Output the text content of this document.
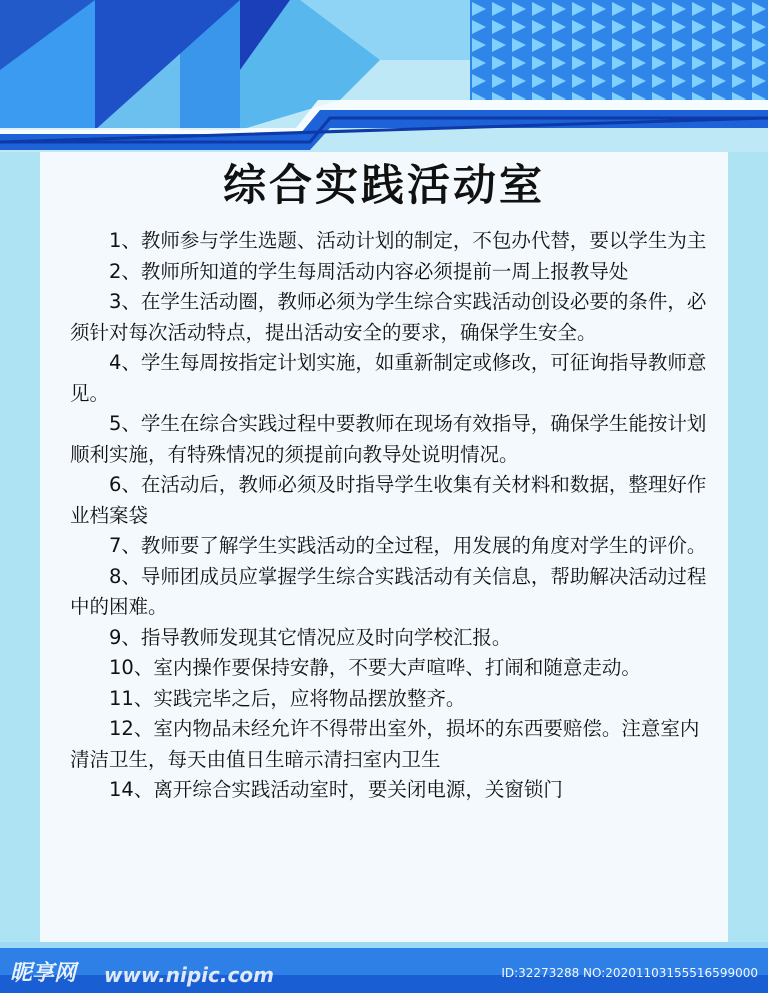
综合实践活动室
1、教师参与学生选题、活动计划的制定，不包办代替，要以学生为主
2、教师所知道的学生每周活动内容必须提前一周上报教导处
3、在学生活动圈，教师必须为学生综合实践活动创设必要的条件，必须针对每次活动特点，提出活动安全的要求，确保学生安全。
4、学生每周按指定计划实施，如重新制定或修改，可征询指导教师意见。
5、学生在综合实践过程中要教师在现场有效指导，确保学生能按计划顺利实施，有特殊情况的须提前向教导处说明情况。
6、在活动后，教师必须及时指导学生收集有关材料和数据，整理好作业档案袋
7、教师要了解学生实践活动的全过程，用发展的角度对学生的评价。
8、导师团成员应掌握学生综合实践活动有关信息，帮助解决活动过程中的困难。
9、指导教师发现其它情况应及时向学校汇报。
10、室内操作要保持安静，不要大声喧哗、打闹和随意走动。
11、实践完毕之后，应将物品摆放整齐。
12、室内物品未经允许不得带出室外，损坏的东西要赔偿。注意室内清洁卫生，每天由值日生暗示清扫室内卫生
14、离开综合实践活动室时，要关闭电源，关窗锁门
昵享网 www.nipic.com	ID:32273288 NO:20201103155516599000
